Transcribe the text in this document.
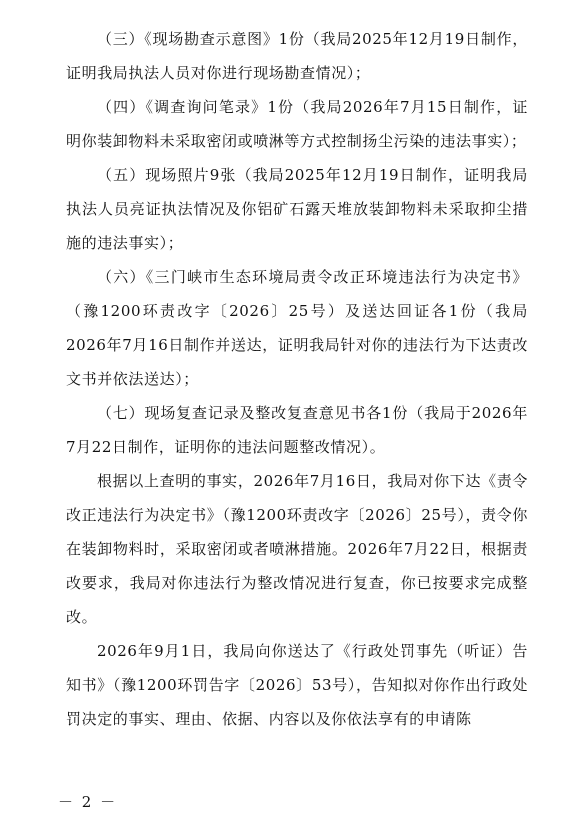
（三）《现场勘查示意图》1份（我局2025年12月19日制作，证明我局执法人员对你进行现场勘查情况）；

（四）《调查询问笔录》1份（我局2026年7月15日制作，证明你装卸物料未采取密闭或喷淋等方式控制扬尘污染的违法事实）；

（五）现场照片9张（我局2025年12月19日制作，证明我局执法人员亮证执法情况及你铝矿石露天堆放装卸物料未采取抑尘措施的违法事实）；

（六）《三门峡市生态环境局责令改正环境违法行为决定书》（豫1200环责改字〔2026〕25号）及送达回证各1份（我局2026年7月16日制作并送达，证明我局针对你的违法行为下达责改文书并依法送达）；

（七）现场复查记录及整改复查意见书各1份（我局于2026年7月22日制作，证明你的违法问题整改情况）。

根据以上查明的事实，2026年7月16日，我局对你下达《责令改正违法行为决定书》（豫1200环责改字〔2026〕25号），责令你在装卸物料时，采取密闭或者喷淋措施。2026年7月22日，根据责改要求，我局对你违法行为整改情况进行复查，你已按要求完成整改。

2026年9月1日，我局向你送达了《行政处罚事先（听证）告知书》（豫1200环罚告字〔2026〕53号），告知拟对你作出行政处罚决定的事实、理由、依据、内容以及你依法享有的申请陈

－ 2 －
